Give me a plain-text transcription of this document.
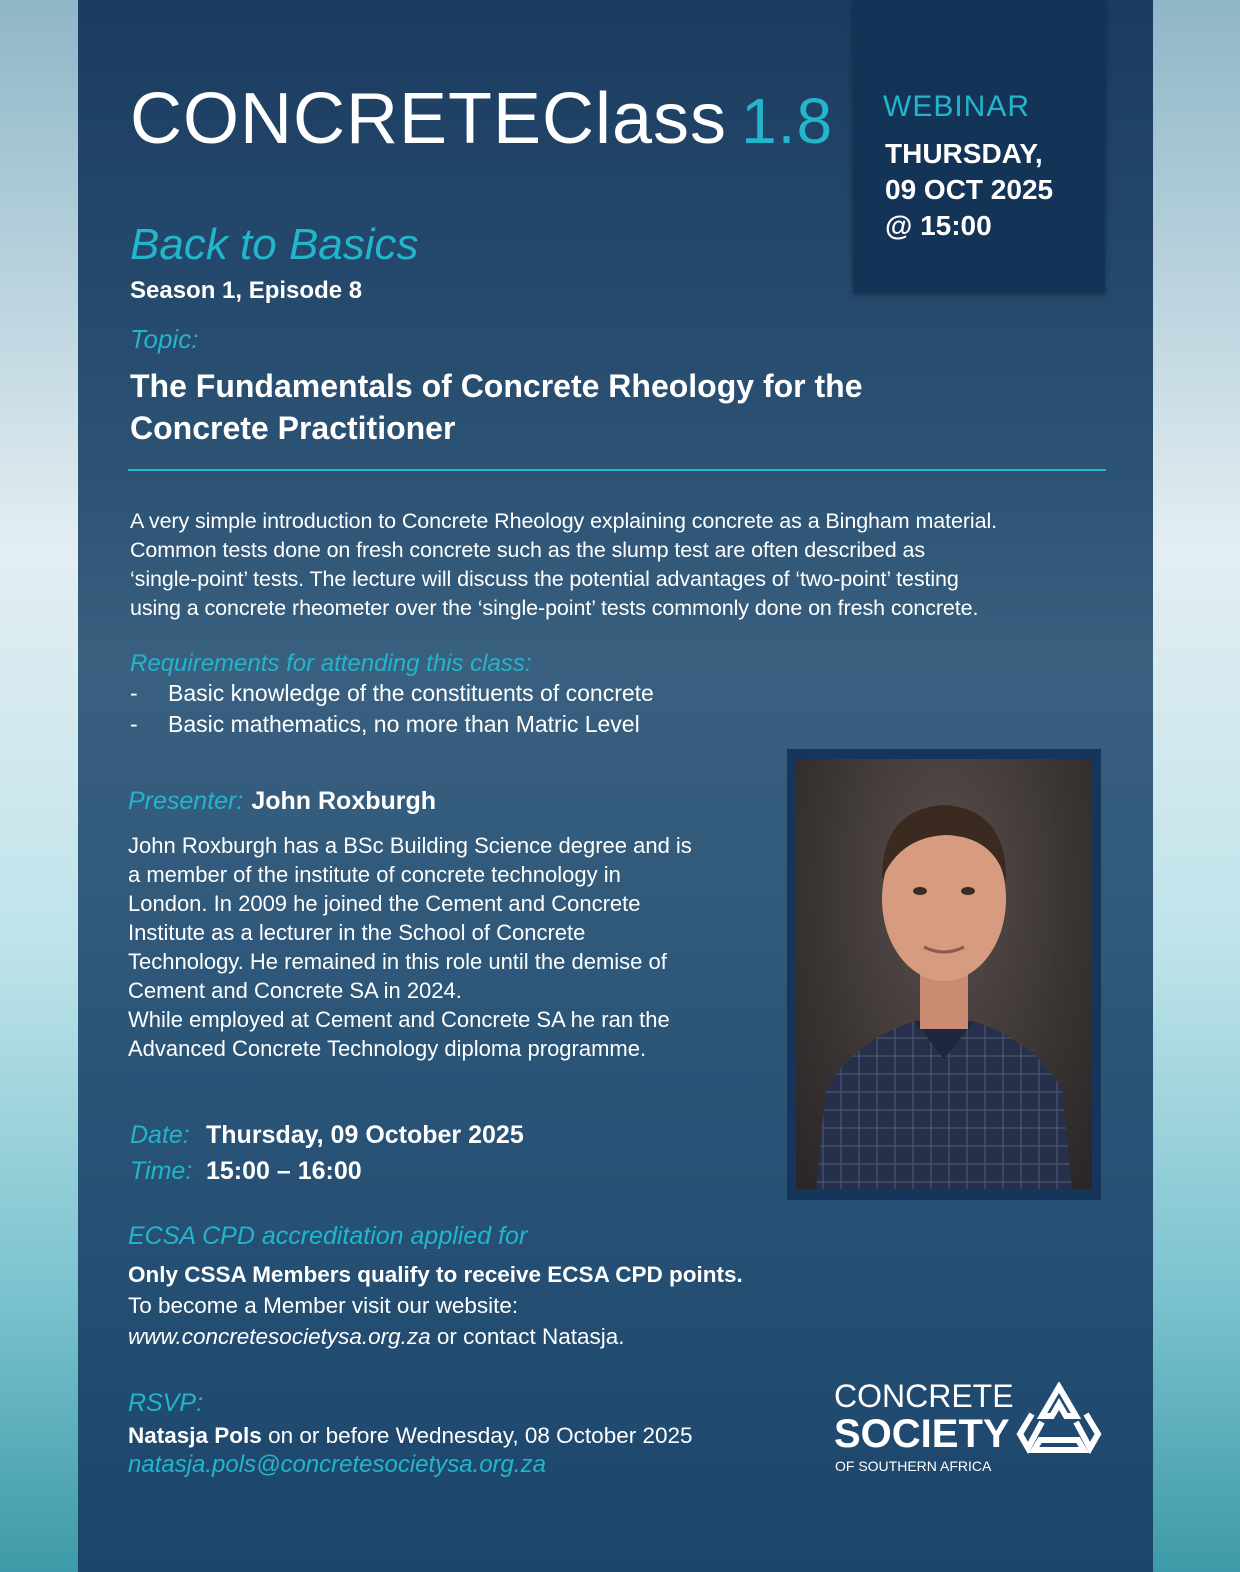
CONCRETEClass 1.8 WEBINAR
THURSDAY,
09 OCT 2025
@ 15:00
Back to Basics
Season 1, Episode 8
Topic:
The Fundamentals of Concrete Rheology for the
Concrete Practitioner
A very simple introduction to Concrete Rheology explaining concrete as a Bingham material.
Common tests done on fresh concrete such as the slump test are often described as
‘single-point’ tests. The lecture will discuss the potential advantages of ‘two-point’ testing
using a concrete rheometer over the ‘single-point’ tests commonly done on fresh concrete.
Requirements for attending this class:
- Basic knowledge of the constituents of concrete
- Basic mathematics, no more than Matric Level
Presenter: John Roxburgh
John Roxburgh has a BSc Building Science degree and is
a member of the institute of concrete technology in
London. In 2009 he joined the Cement and Concrete
Institute as a lecturer in the School of Concrete
Technology. He remained in this role until the demise of
Cement and Concrete SA in 2024.
While employed at Cement and Concrete SA he ran the
Advanced Concrete Technology diploma programme.
Date: Thursday, 09 October 2025
Time: 15:00 – 16:00
ECSA CPD accreditation applied for
Only CSSA Members qualify to receive ECSA CPD points.
To become a Member visit our website:
www.concretesocietysa.org.za or contact Natasja.
RSVP:
Natasja Pols on or before Wednesday, 08 October 2025
natasja.pols@concretesocietysa.org.za
CONCRETE
SOCIETY
OF SOUTHERN AFRICA
